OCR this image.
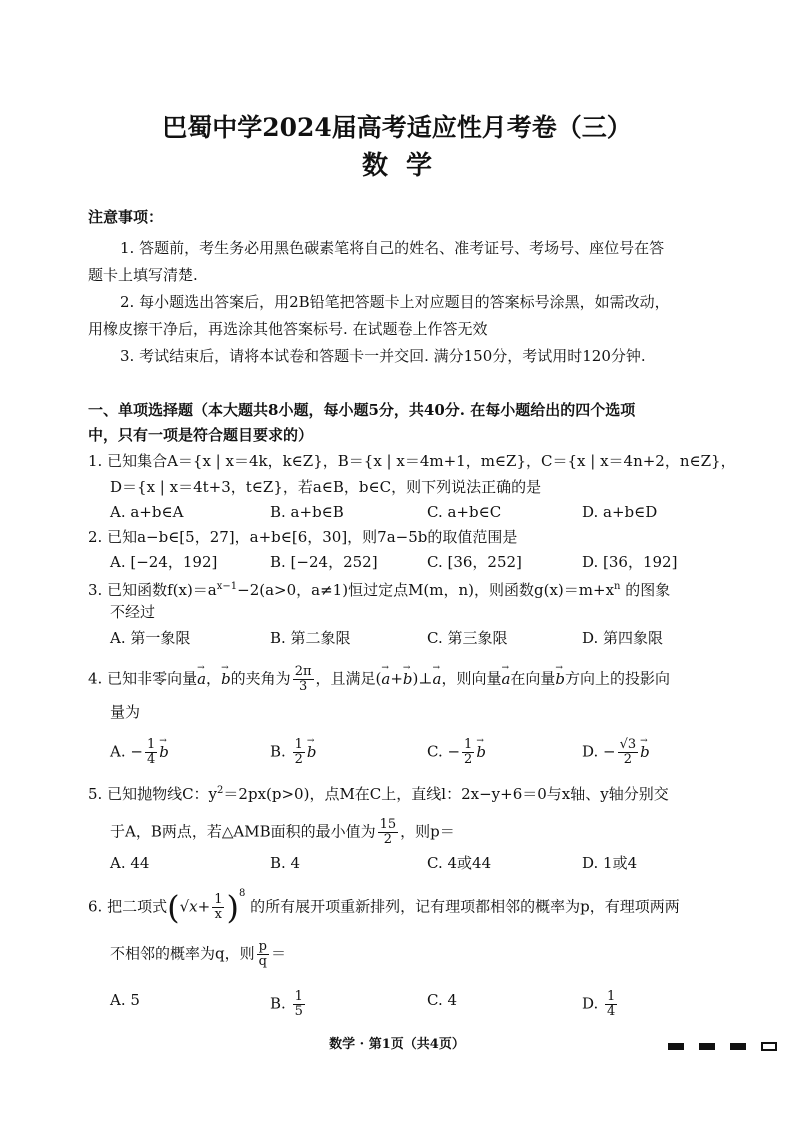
巴蜀中学2024届高考适应性月考卷（三）
数学
注意事项：
1. 答题前，考生务必用黑色碳素笔将自己的姓名、准考证号、考场号、座位号在答
题卡上填写清楚.
2. 每小题选出答案后，用2B铅笔把答题卡上对应题目的答案标号涂黑，如需改动，
用橡皮擦干净后，再选涂其他答案标号. 在试题卷上作答无效
3. 考试结束后，请将本试卷和答题卡一并交回. 满分150分，考试用时120分钟.
一、单项选择题（本大题共8小题，每小题5分，共40分. 在每小题给出的四个选项
中，只有一项是符合题目要求的）
1. 已知集合A＝{x | x＝4k，k∈Z}，B＝{x | x＝4m+1，m∈Z}，C＝{x | x＝4n+2，n∈Z}，
D＝{x | x＝4t+3，t∈Z}，若a∈B，b∈C，则下列说法正确的是
A. a+b∈A	B. a+b∈B	C. a+b∈C	D. a+b∈D
2. 已知a−b∈[5，27]，a+b∈[6，30]，则7a−5b的取值范围是
A. [−24，192]	B. [−24，252]	C. [36，252]	D. [36，192]
3. 已知函数$f(x)=a^{x-1}-2(a>0$，a≠1)恒过定点M(m，n)，则函数$g(x)=m+x^n$ 的图象
不经过
A. 第一象限	B. 第二象限	C. 第三象限	D. 第四象限
4. 已知非零向量→ a，→ b的夹角为 $\frac{2\pi}{3}$ ，且满足(→ a+→ b)⊥→ a，则向量→ a在向量→ b方向上的投影向
量为
A. − $\frac{1}{4}$
→ b	B. $\frac{1}{2}$
→ b	C. − $\frac{1}{2}$
→ b	D. − $\frac{√3}{2}$
→ b
5. 已知抛物线C：$y^2=2px(p>0)$，点M在C上，直线l：2x−y+6＝0与x轴、y轴分别交
于A，B两点，若△AMB面积的最小值为 $\frac{15}{2}$ ，则p＝
A. 44	B. 4	C. 4或44	D. 1或4
6. 把二项式$(√x+ \frac{1}{x} )^8$ 的所有展开项重新排列，记有理项都相邻的概率为p，有理项两两
不相邻的概率为q，则 $\frac{p}{q}$ ＝
A. 5	B. $\frac{1}{5}$	C. 4	D. $\frac{1}{4}$
数学 · 第1页（共4页）
